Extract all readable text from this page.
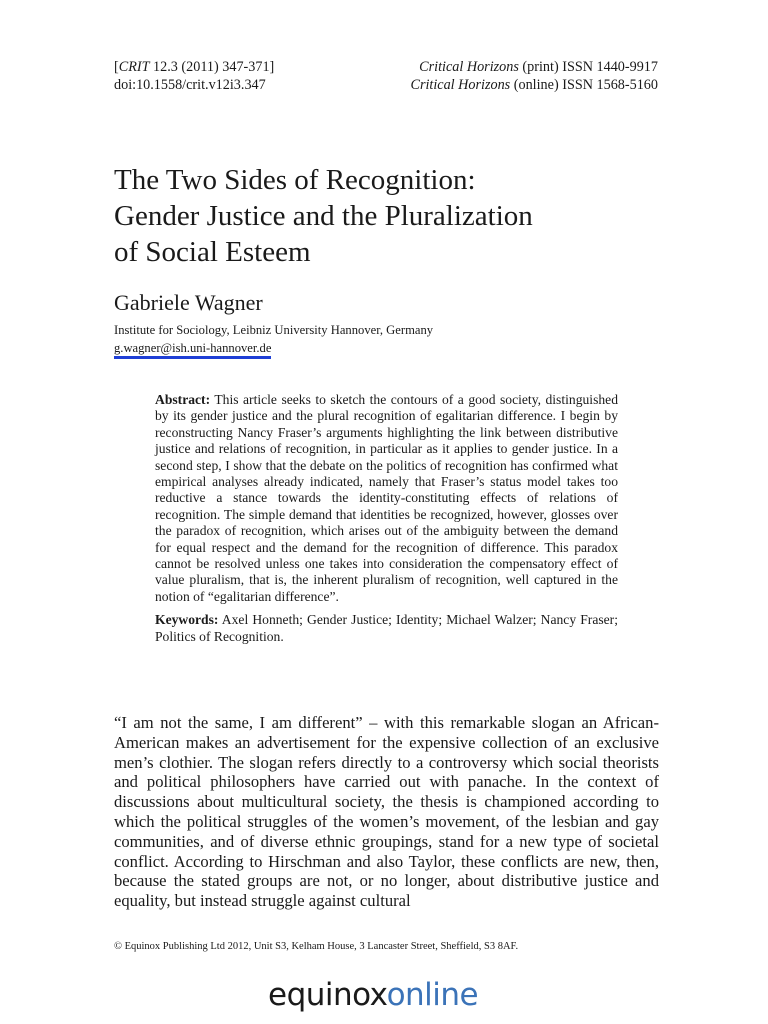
[CRIT 12.3 (2011) 347-371]	Critical Horizons (print) ISSN 1440-9917
doi:10.1558/crit.v12i3.347	Critical Horizons (online) ISSN 1568-5160
The Two Sides of Recognition:
Gender Justice and the Pluralization
of Social Esteem
Gabriele Wagner
Institute for Sociology, Leibniz University Hannover, Germany
g.wagner@ish.uni-hannover.de

Abstract: This article seeks to sketch the contours of a good society, distinguished by its gender justice and the plural recognition of egalitarian difference. I begin by reconstructing Nancy Fraser’s arguments highlighting the link between distributive justice and relations of recognition, in particular as it applies to gender justice. In a second step, I show that the debate on the politics of recognition has confirmed what empirical analyses already indicated, namely that Fraser’s status model takes too reductive a stance towards the identity-constituting effects of relations of recognition. The simple demand that identities be recognized, however, glosses over the paradox of recognition, which arises out of the ambiguity between the demand for equal respect and the demand for the recognition of difference. This paradox cannot be resolved unless one takes into consideration the compensatory effect of value pluralism, that is, the inherent pluralism of recognition, well captured in the notion of “egalitarian difference”.

Keywords: Axel Honneth; Gender Justice; Identity; Michael Walzer; Nancy Fraser; Politics of Recognition.

“I am not the same, I am different” – with this remarkable slogan an African-American makes an advertisement for the expensive collection of an exclusive men’s clothier. The slogan refers directly to a controversy which social theorists and political philosophers have carried out with panache. In the context of discussions about multicultural society, the thesis is championed according to which the political struggles of the women’s movement, of the lesbian and gay communities, and of diverse ethnic groupings, stand for a new type of societal conflict. According to Hirschman and also Taylor, these conflicts are new, then, because the stated groups are not, or no longer, about distributive justice and equality, but instead struggle against cultural

© Equinox Publishing Ltd 2012, Unit S3, Kelham House, 3 Lancaster Street, Sheffield, S3 8AF.
equinoxonline
